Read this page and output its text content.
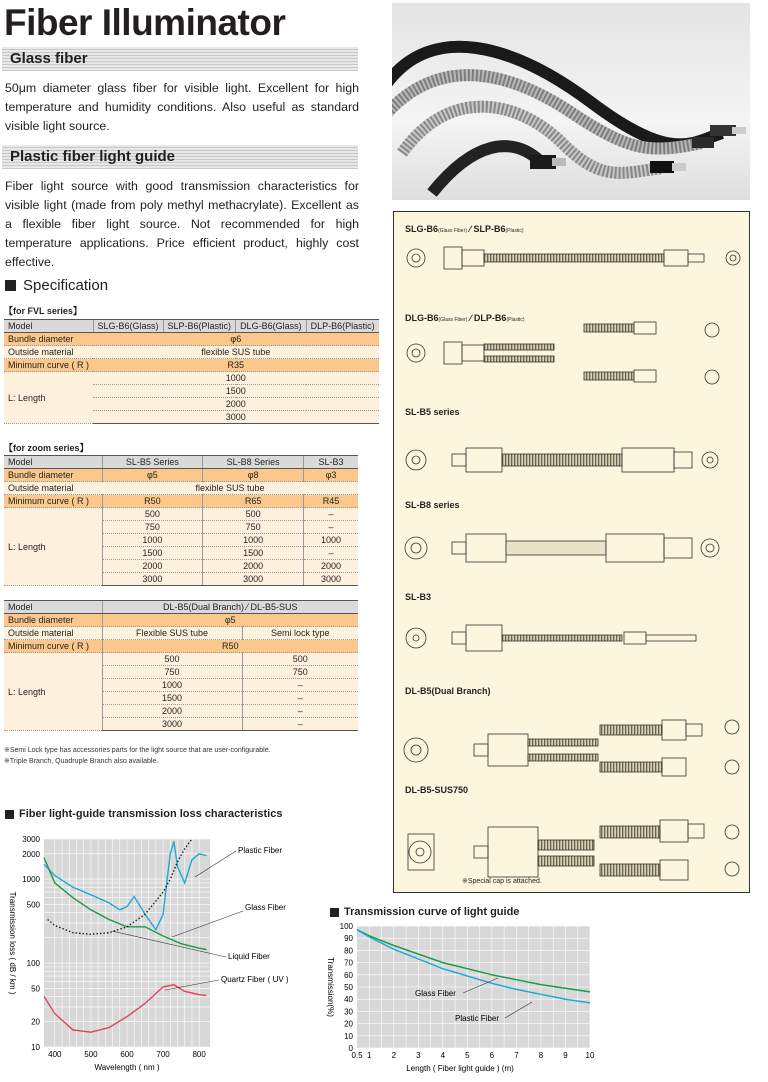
Fiber Illuminator
Glass fiber
50μm diameter glass fiber for visible light. Excellent for high temperature and humidity conditions. Also useful as standard visible light source.
Plastic fiber light guide
Fiber light source with good transmission characteristics for visible light (made from poly methyl methacrylate). Excellent as a flexible fiber light source. Not recommended for high temperature applications. Price efficient product, highly cost effective.
Specification
【for FVL series】
Model	SLG-B6(Glass)	SLP-B6(Plastic)	DLG-B6(Glass)	DLP-B6(Plastic)
Bundle diameter	φ6			
Outside material	flexible SUS tube			
Minimum curve ( R )	R35			
L: Length	1000			
	1500			
	2000			
	3000			
【for zoom series】
Model	SL-B5 Series	SL-B8 Series	SL-B3
Bundle diameter	φ5	φ8	φ3
Outside material	flexible SUS tube		
Minimum curve ( R )	R50	R65	R45
L: Length	500	500	–
	750	750	–
	1000	1000	1000
	1500	1500	–
	2000	2000	2000
	3000	3000	3000
Model	DL-B5(Dual Branch) ⁄ DL-B5-SUS	
Bundle diameter	φ5	
Outside material	Flexible SUS tube	Semi lock type
Minimum curve ( R )	R50	
L: Length	500	500
	750	750
	1000	–
	1500	–
	2000	–
	3000	–
※Semi Lock type has accessories parts for the light source that are user-configurable.
※Triple Branch, Quadruple Branch also available.
SLG-B6(Glass Fiber) ⁄ SLP-B6(Plastic)
DLG-B6(Glass Fiber) ⁄ DLP-B6(Plastic)
SL-B5 series
SL-B8 series
SL-B3
DL-B5(Dual Branch)
DL-B5-SUS750
※Special cap is attached.
Fiber light-guide transmission loss characteristics
3000
2000
1000
500
100
50
20
10
400	500	600	700	800
Wavelength ( nm )
Transmission loss ( dB / km )
Plastic Fiber
Glass Fiber
Liquid Fiber
Quartz Fiber ( UV )
Transmission curve of light guide
100
90
80
70
60
50
40
30
20
10
0
0.5 1	2	3	4	5	6	7	8	9 10
Length ( Fiber light guide ) (m)
Transmission(%)	Glass Fiber
Plastic Fiber
